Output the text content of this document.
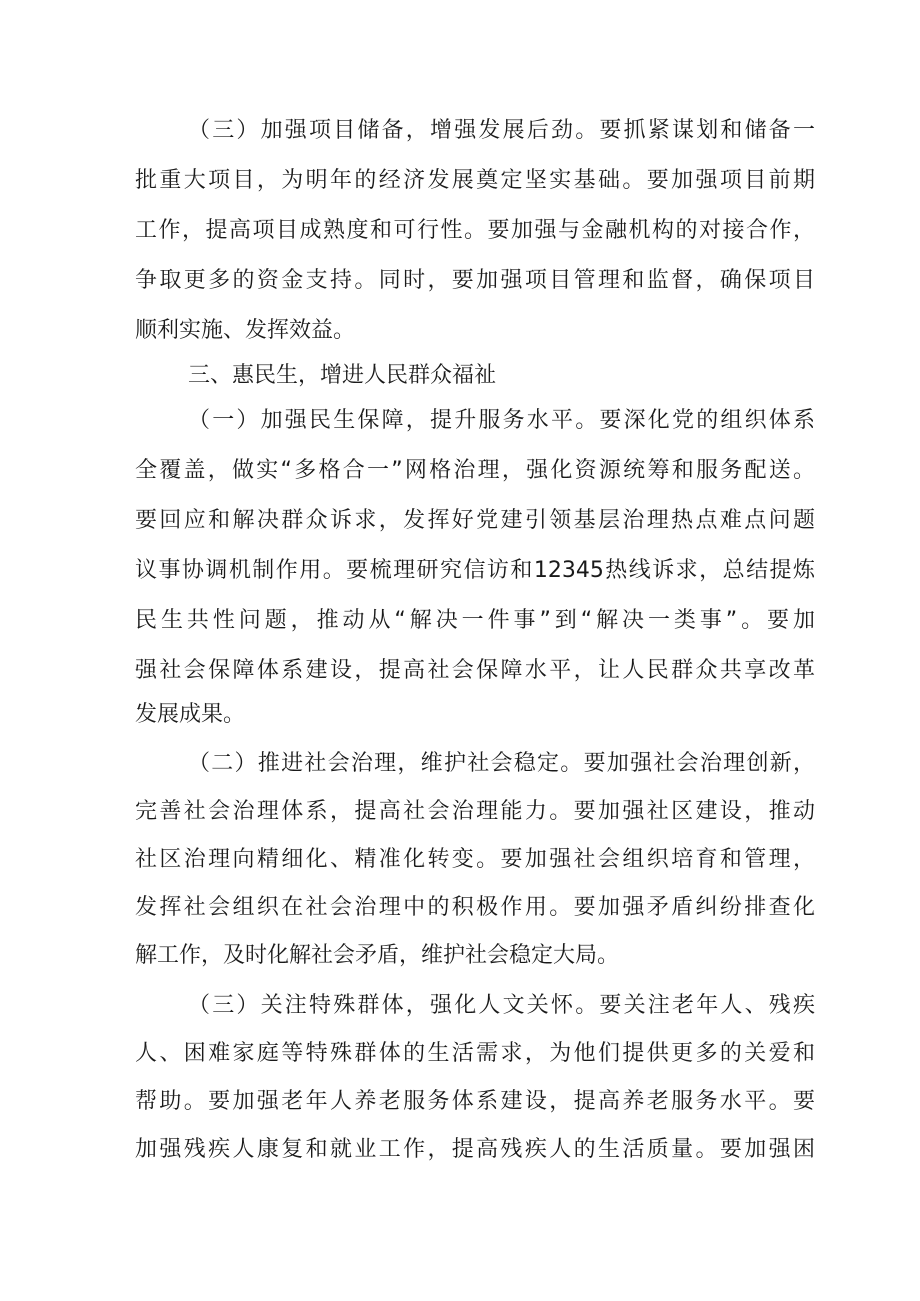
（三）加强项目储备，增强发展后劲。要抓紧谋划和储备一
批重大项目，为明年的经济发展奠定坚实基础。要加强项目前期
工作，提高项目成熟度和可行性。要加强与金融机构的对接合作，
争取更多的资金支持。同时，要加强项目管理和监督，确保项目
顺利实施、发挥效益。
三、惠民生，增进人民群众福祉
（一）加强民生保障，提升服务水平。要深化党的组织体系
全覆盖，做实“多格合一”网格治理，强化资源统筹和服务配送。
要回应和解决群众诉求，发挥好党建引领基层治理热点难点问题
议事协调机制作用。要梳理研究信访和12345热线诉求，总结提炼
民生共性问题，推动从“解决一件事”到“解决一类事”。要加
强社会保障体系建设，提高社会保障水平，让人民群众共享改革
发展成果。
（二）推进社会治理，维护社会稳定。要加强社会治理创新，
完善社会治理体系，提高社会治理能力。要加强社区建设，推动
社区治理向精细化、精准化转变。要加强社会组织培育和管理，
发挥社会组织在社会治理中的积极作用。要加强矛盾纠纷排查化
解工作，及时化解社会矛盾，维护社会稳定大局。
（三）关注特殊群体，强化人文关怀。要关注老年人、残疾
人、困难家庭等特殊群体的生活需求，为他们提供更多的关爱和
帮助。要加强老年人养老服务体系建设，提高养老服务水平。要
加强残疾人康复和就业工作，提高残疾人的生活质量。要加强困
